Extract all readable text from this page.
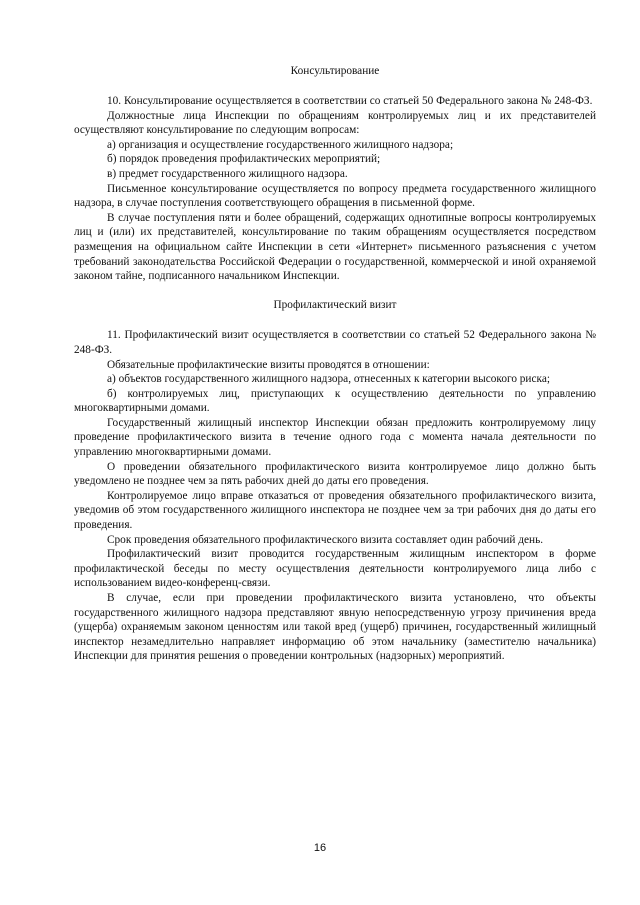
Консультирование

10. Консультирование осуществляется в соответствии со статьей 50 Федерального закона № 248-ФЗ.

Должностные лица Инспекции по обращениям контролируемых лиц и их представителей осуществляют консультирование по следующим вопросам:

а) организация и осуществление государственного жилищного надзора;

б) порядок проведения профилактических мероприятий;

в) предмет государственного жилищного надзора.

Письменное консультирование осуществляется по вопросу предмета государственного жилищного надзора, в случае поступления соответствующего обращения в письменной форме.

В случае поступления пяти и более обращений, содержащих однотипные вопросы контролируемых лиц и (или) их представителей, консультирование по таким обращениям осуществляется посредством размещения на официальном сайте Инспекции в сети «Интернет» письменного разъяснения с учетом требований законодательства Российской Федерации о государственной, коммерческой и иной охраняемой законом тайне, подписанного начальником Инспекции.

Профилактический визит

11. Профилактический визит осуществляется в соответствии со статьей 52 Федерального закона № 248-ФЗ.

Обязательные профилактические визиты проводятся в отношении:

а) объектов государственного жилищного надзора, отнесенных к категории высокого риска;

б) контролируемых лиц, приступающих к осуществлению деятельности по управлению многоквартирными домами.

Государственный жилищный инспектор Инспекции обязан предложить контролируемому лицу проведение профилактического визита в течение одного года с момента начала деятельности по управлению многоквартирными домами.

О проведении обязательного профилактического визита контролируемое лицо должно быть уведомлено не позднее чем за пять рабочих дней до даты его проведения.

Контролируемое лицо вправе отказаться от проведения обязательного профилактического визита, уведомив об этом государственного жилищного инспектора не позднее чем за три рабочих дня до даты его проведения.

Срок проведения обязательного профилактического визита составляет один рабочий день.

Профилактический визит проводится государственным жилищным инспектором в форме профилактической беседы по месту осуществления деятельности контролируемого лица либо с использованием видео-конференц-связи.

В случае, если при проведении профилактического визита установлено, что объекты государственного жилищного надзора представляют явную непосредственную угрозу причинения вреда (ущерба) охраняемым законом ценностям или такой вред (ущерб) причинен, государственный жилищный инспектор незамедлительно направляет информацию об этом начальнику (заместителю начальника) Инспекции для принятия решения о проведении контрольных (надзорных) мероприятий.

16
